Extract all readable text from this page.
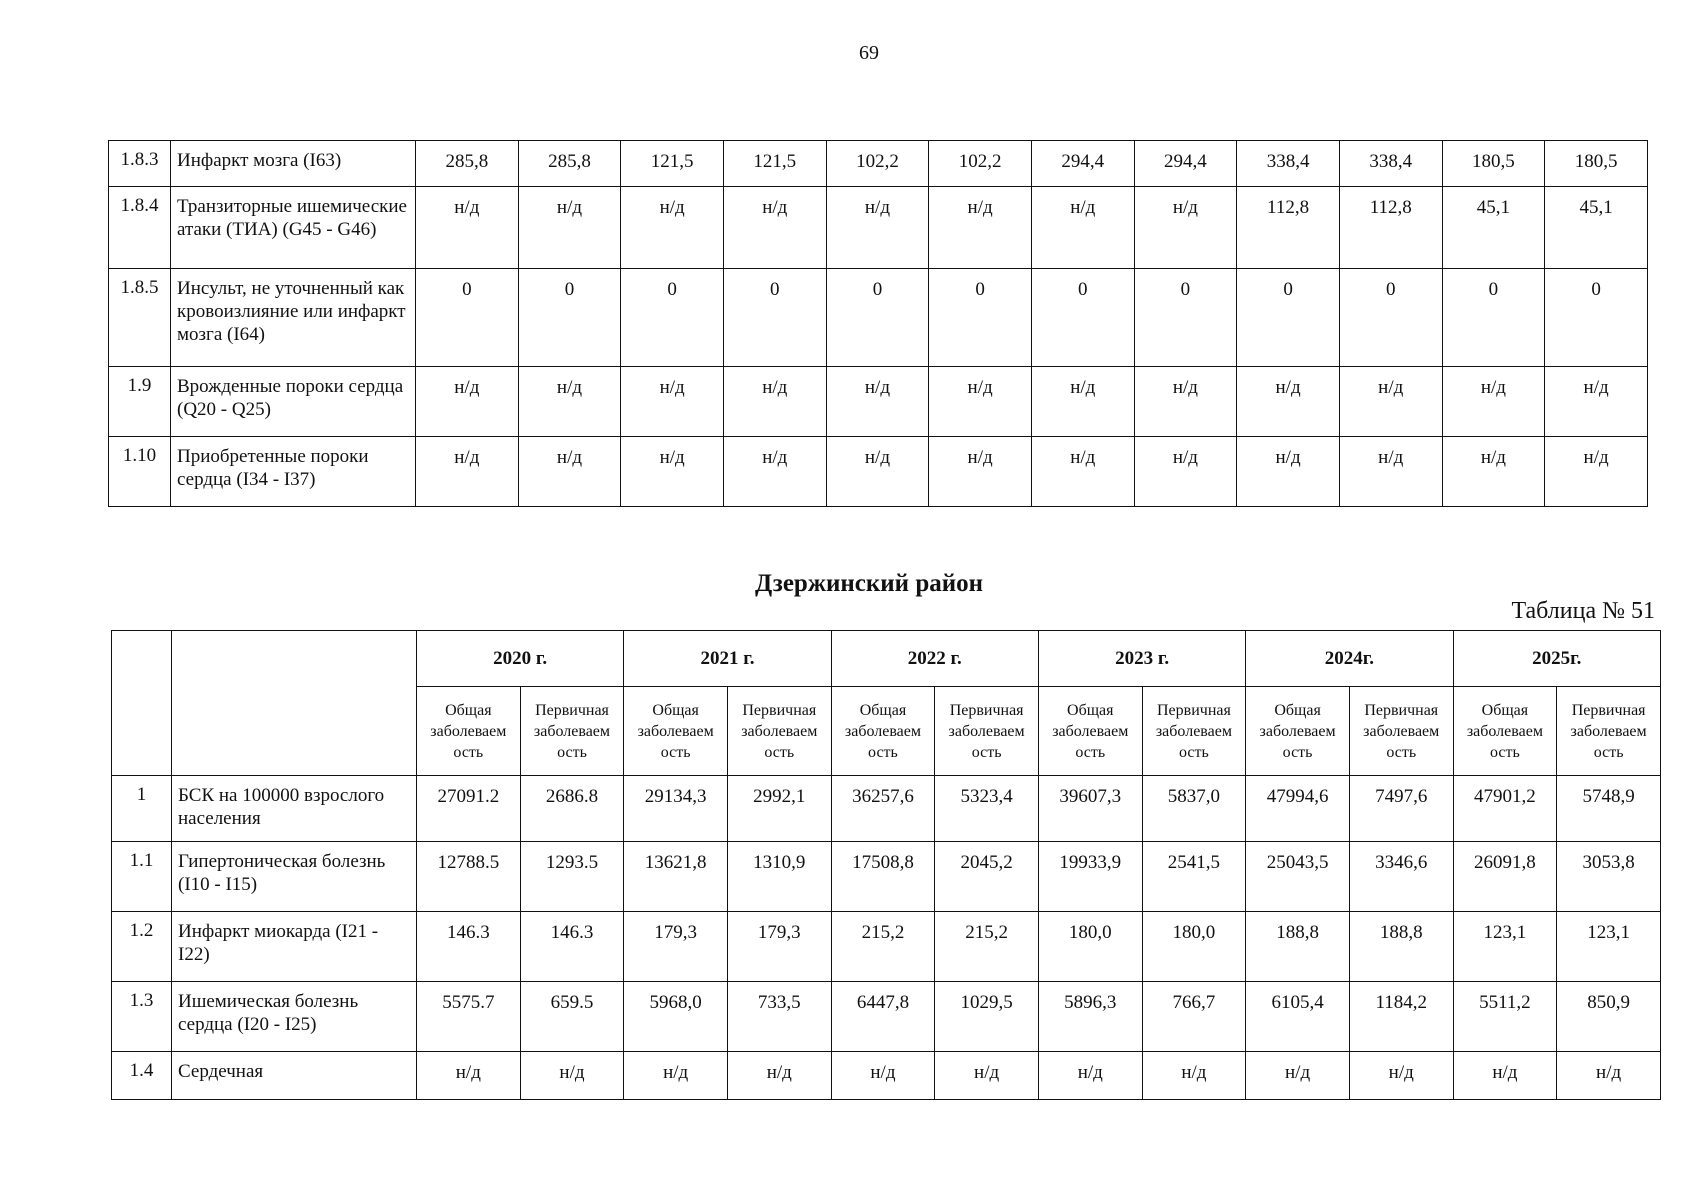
69
1.8.3	Инфаркт мозга (I63)	285,8	285,8	121,5	121,5	102,2	102,2	294,4	294,4	338,4	338,4	180,5	180,5
1.8.4	Транзиторные ишемические атаки (ТИА) (G45 - G46)	н/д	н/д	н/д	н/д	н/д	н/д	н/д	н/д	112,8	112,8	45,1	45,1
1.8.5	Инсульт, не уточненный как кровоизлияние или инфаркт мозга (I64)	0	0	0	0	0	0	0	0	0	0	0	0
1.9	Врожденные пороки сердца (Q20 - Q25)	н/д	н/д	н/д	н/д	н/д	н/д	н/д	н/д	н/д	н/д	н/д	н/д
1.10	Приобретенные пороки сердца (I34 - I37)	н/д	н/д	н/д	н/д	н/д	н/д	н/д	н/д	н/д	н/д	н/д	н/д
Дзержинский район
Таблица № 51
		2020 г.		2021 г.		2022 г.		2023 г.		2024г.		2025г.	
		Общая заболеваем ость	Первичная заболеваем ость	Общая заболеваем ость	Первичная заболеваем ость	Общая заболеваем ость	Первичная заболеваем ость	Общая заболеваем ость	Первичная заболеваем ость	Общая заболеваем ость	Первичная заболеваем ость	Общая заболеваем ость	Первичная заболеваем ость
1	БСК на 100000 взрослого населения	27091.2	2686.8	29134,3	2992,1	36257,6	5323,4	39607,3	5837,0	47994,6	7497,6	47901,2	5748,9
1.1	Гипертоническая болезнь (I10 - I15)	12788.5	1293.5	13621,8	1310,9	17508,8	2045,2	19933,9	2541,5	25043,5	3346,6	26091,8	3053,8
1.2	Инфаркт миокарда (I21 - I22)	146.3	146.3	179,3	179,3	215,2	215,2	180,0	180,0	188,8	188,8	123,1	123,1
1.3	Ишемическая болезнь сердца (I20 - I25)	5575.7	659.5	5968,0	733,5	6447,8	1029,5	5896,3	766,7	6105,4	1184,2	5511,2	850,9
1.4	Сердечная	н/д	н/д	н/д	н/д	н/д	н/д	н/д	н/д	н/д	н/д	н/д	н/д
